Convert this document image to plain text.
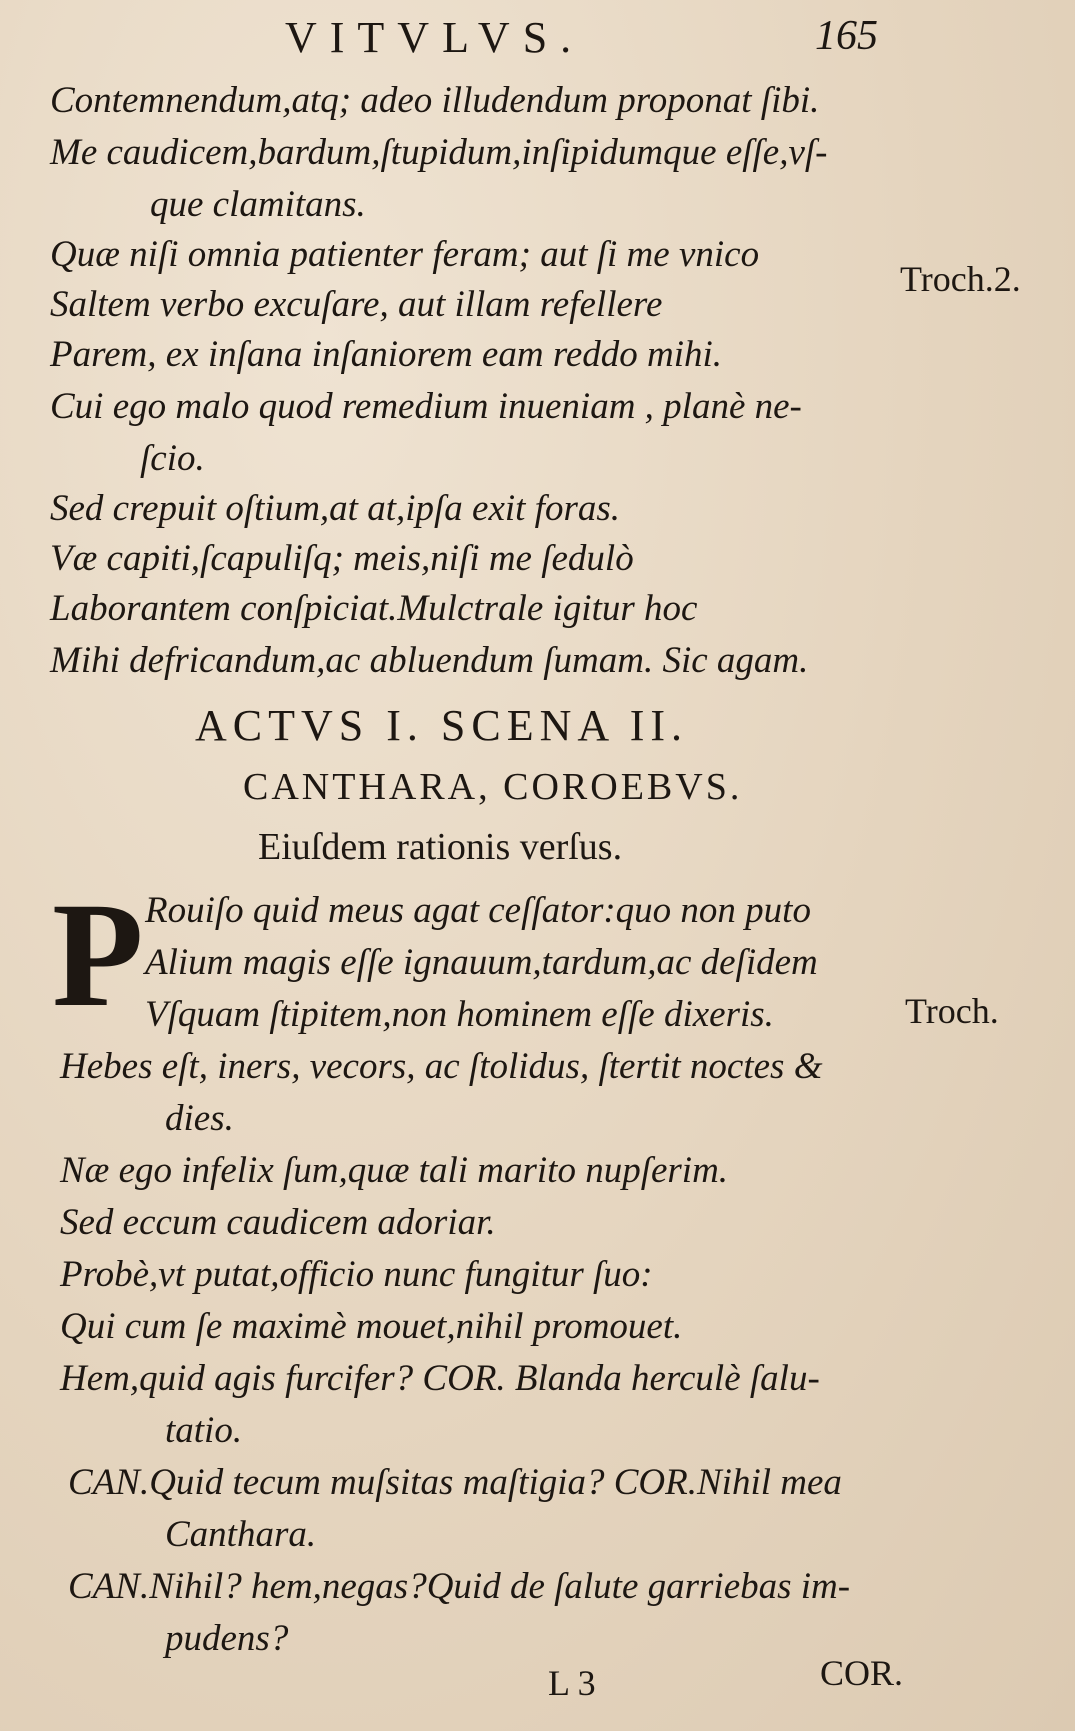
VITVLVS.	165
Contemnendum,atq; adeo illudendum proponat ſibi.
Me caudicem,bardum,ſtupidum,inſipidumque eſſe,vſ-
que clamitans.
Quæ niſi omnia patienter feram; aut ſi me vnico
Saltem verbo excuſare, aut illam refellere
Parem, ex inſana inſaniorem eam reddo mihi.
Cui ego malo quod remedium inueniam , planè ne-
ſcio.
Sed crepuit oſtium,at at,ipſa exit foras.
Væ capiti,ſcapuliſq; meis,niſi me ſedulò
Laborantem conſpiciat.Mulctrale igitur hoc
Mihi defricandum,ac abluendum ſumam. Sic agam.
Troch.2.
ACTVS I. SCENA II.
CANTHARA, COROEBVS.
Eiuſdem rationis verſus.
P Rouiſo quid meus agat ceſſator:quo non puto
Alium magis eſſe ignauum,tardum,ac deſidem
Vſquam ſtipitem,non hominem eſſe dixeris.
Hebes eſt, iners, vecors, ac ſtolidus, ſtertit noctes &
dies.
Næ ego infelix ſum,quæ tali marito nupſerim.
Sed eccum caudicem adoriar.
Probè,vt putat,officio nunc fungitur ſuo:
Qui cum ſe maximè mouet,nihil promouet.
Hem,quid agis furcifer? COR. Blanda herculè ſalu-
tatio.
CAN.Quid tecum muſsitas maſtigia? COR.Nihil mea
Canthara.
CAN.Nihil? hem,negas?Quid de ſalute garriebas im-
pudens?
Troch.
L 3	COR.
